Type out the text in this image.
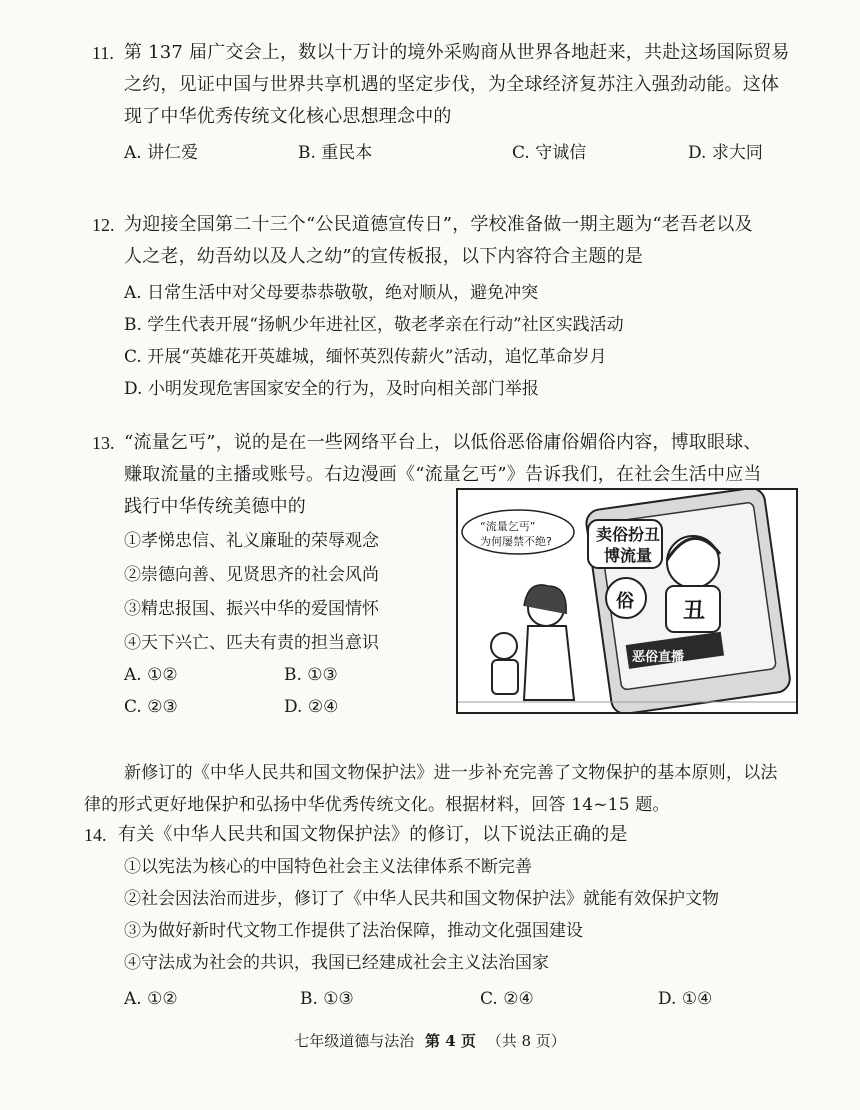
11. 第 137 届广交会上，数以十万计的境外采购商从世界各地赶来，共赴这场国际贸易
之约，见证中国与世界共享机遇的坚定步伐，为全球经济复苏注入强劲动能。这体
现了中华优秀传统文化核心思想理念中的
A. 讲仁爱	B. 重民本	C. 守诚信	D. 求大同
12. 为迎接全国第二十三个“公民道德宣传日”，学校准备做一期主题为“老吾老以及
人之老，幼吾幼以及人之幼”的宣传板报，以下内容符合主题的是
A. 日常生活中对父母要恭恭敬敬，绝对顺从，避免冲突
B. 学生代表开展“扬帆少年进社区，敬老孝亲在行动”社区实践活动
C. 开展“英雄花开英雄城，缅怀英烈传薪火”活动，追忆革命岁月
D. 小明发现危害国家安全的行为，及时向相关部门举报
13. “流量乞丐”，说的是在一些网络平台上，以低俗恶俗庸俗媚俗内容，博取眼球、
赚取流量的主播或账号。右边漫画《“流量乞丐”》告诉我们，在社会生活中应当
践行中华传统美德中的
①孝悌忠信、礼义廉耻的荣辱观念
②崇德向善、见贤思齐的社会风尚
③精忠报国、振兴中华的爱国情怀
④天下兴亡、匹夫有责的担当意识
A. ①②	B. ①③
C. ②③	D. ②④
“流量乞丐”
为何屡禁不绝?	卖俗扮丑
博流量
俗 丑
恶俗直播
新修订的《中华人民共和国文物保护法》进一步补充完善了文物保护的基本原则，以法
律的形式更好地保护和弘扬中华优秀传统文化。根据材料，回答 14~15 题。
14. 有关《中华人民共和国文物保护法》的修订，以下说法正确的是
①以宪法为核心的中国特色社会主义法律体系不断完善
②社会因法治而进步，修订了《中华人民共和国文物保护法》就能有效保护文物
③为做好新时代文物工作提供了法治保障，推动文化强国建设
④守法成为社会的共识，我国已经建成社会主义法治国家
A. ①②	B. ①③	C. ②④	D. ①④
七年级道德与法治 第 4 页 （共 8 页）
